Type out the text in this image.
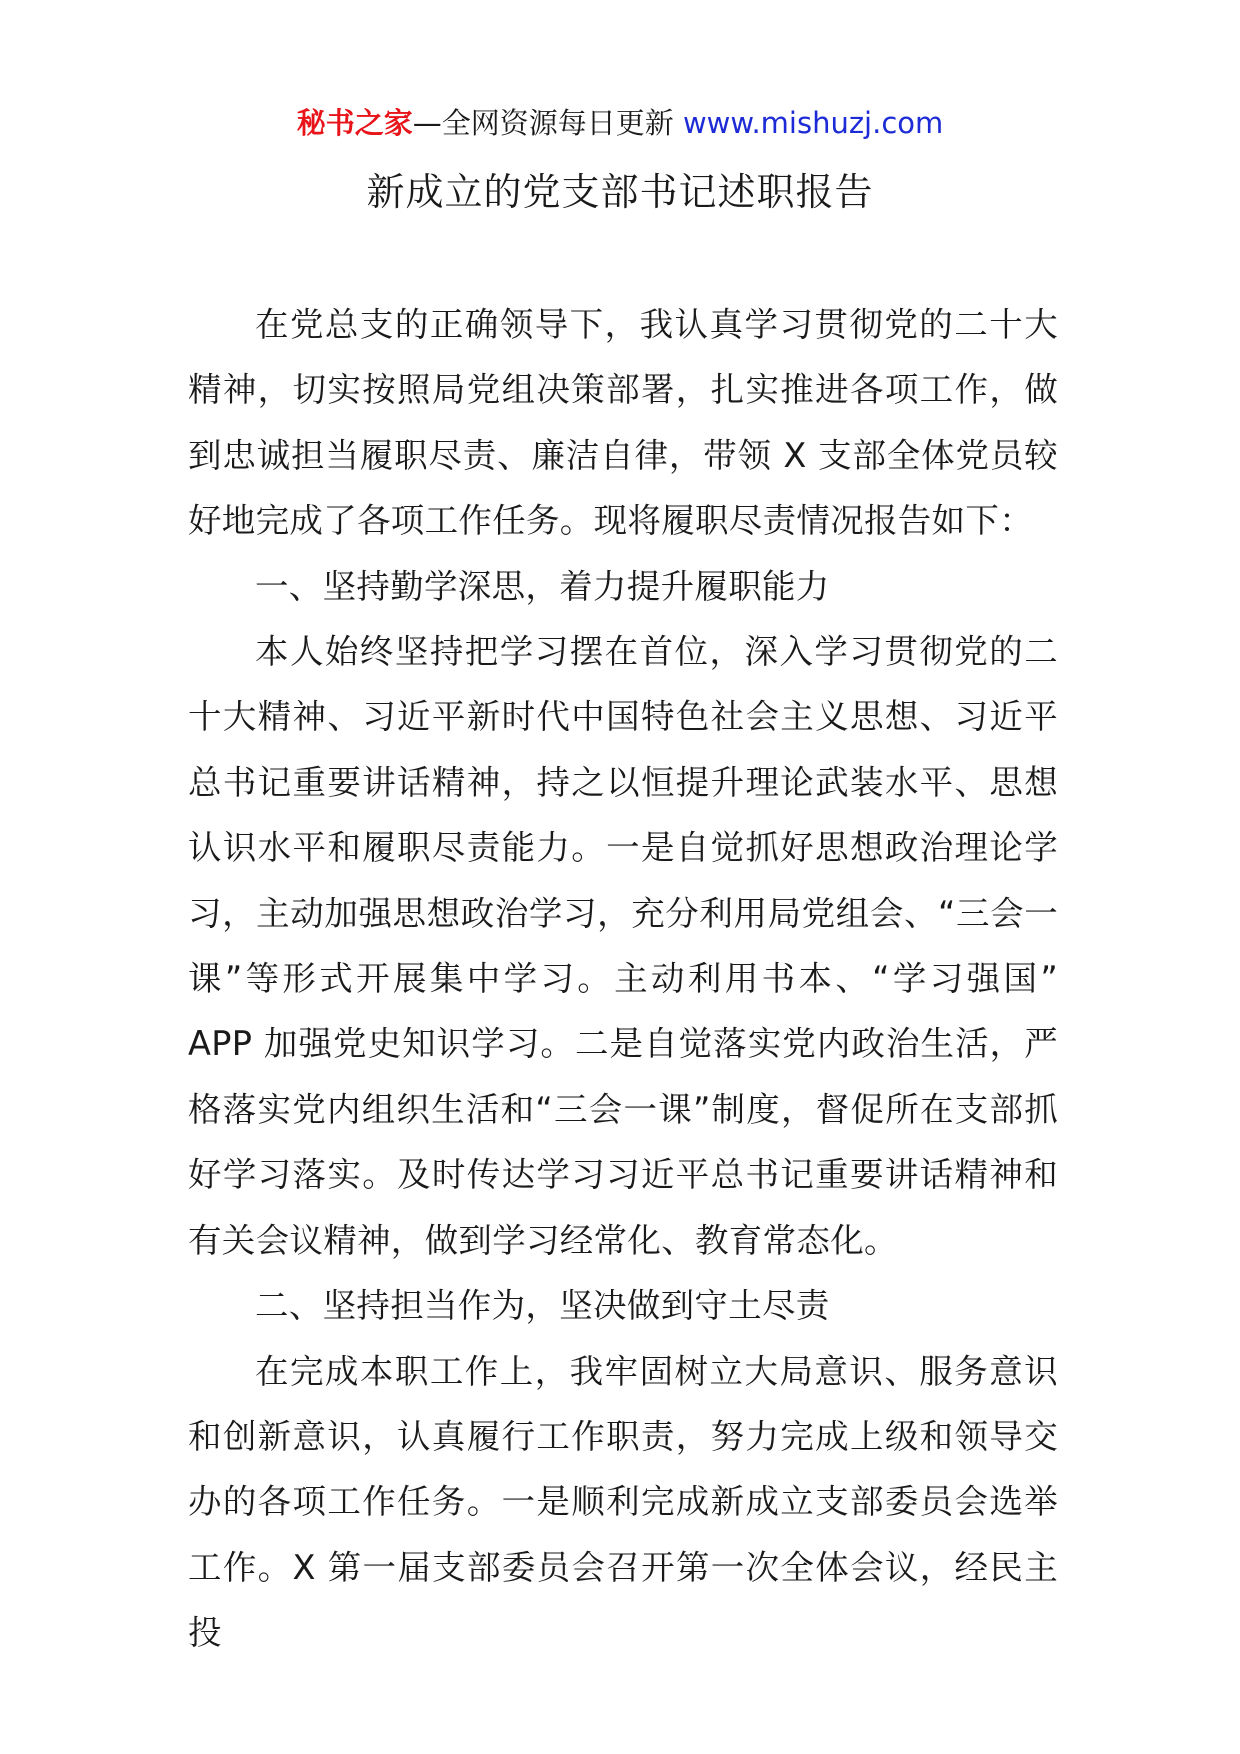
秘书之家—全网资源每日更新 www.mishuzj.com
新成立的党支部书记述职报告

在党总支的正确领导下，我认真学习贯彻党的二十大精神，切实按照局党组决策部署，扎实推进各项工作，做到忠诚担当履职尽责、廉洁自律，带领 X 支部全体党员较好地完成了各项工作任务。现将履职尽责情况报告如下：

一、坚持勤学深思，着力提升履职能力

本人始终坚持把学习摆在首位，深入学习贯彻党的二十大精神、习近平新时代中国特色社会主义思想、习近平总书记重要讲话精神，持之以恒提升理论武装水平、思想认识水平和履职尽责能力。一是自觉抓好思想政治理论学习，主动加强思想政治学习，充分利用局党组会、“三会一课”等形式开展集中学习。主动利用书本、“学习强国” APP 加强党史知识学习。二是自觉落实党内政治生活，严格落实党内组织生活和“三会一课”制度，督促所在支部抓好学习落实。及时传达学习习近平总书记重要讲话精神和有关会议精神，做到学习经常化、教育常态化。

二、坚持担当作为，坚决做到守土尽责

在完成本职工作上，我牢固树立大局意识、服务意识和创新意识，认真履行工作职责，努力完成上级和领导交办的各项工作任务。一是顺利完成新成立支部委员会选举工作。X 第一届支部委员会召开第一次全体会议，经民主投
